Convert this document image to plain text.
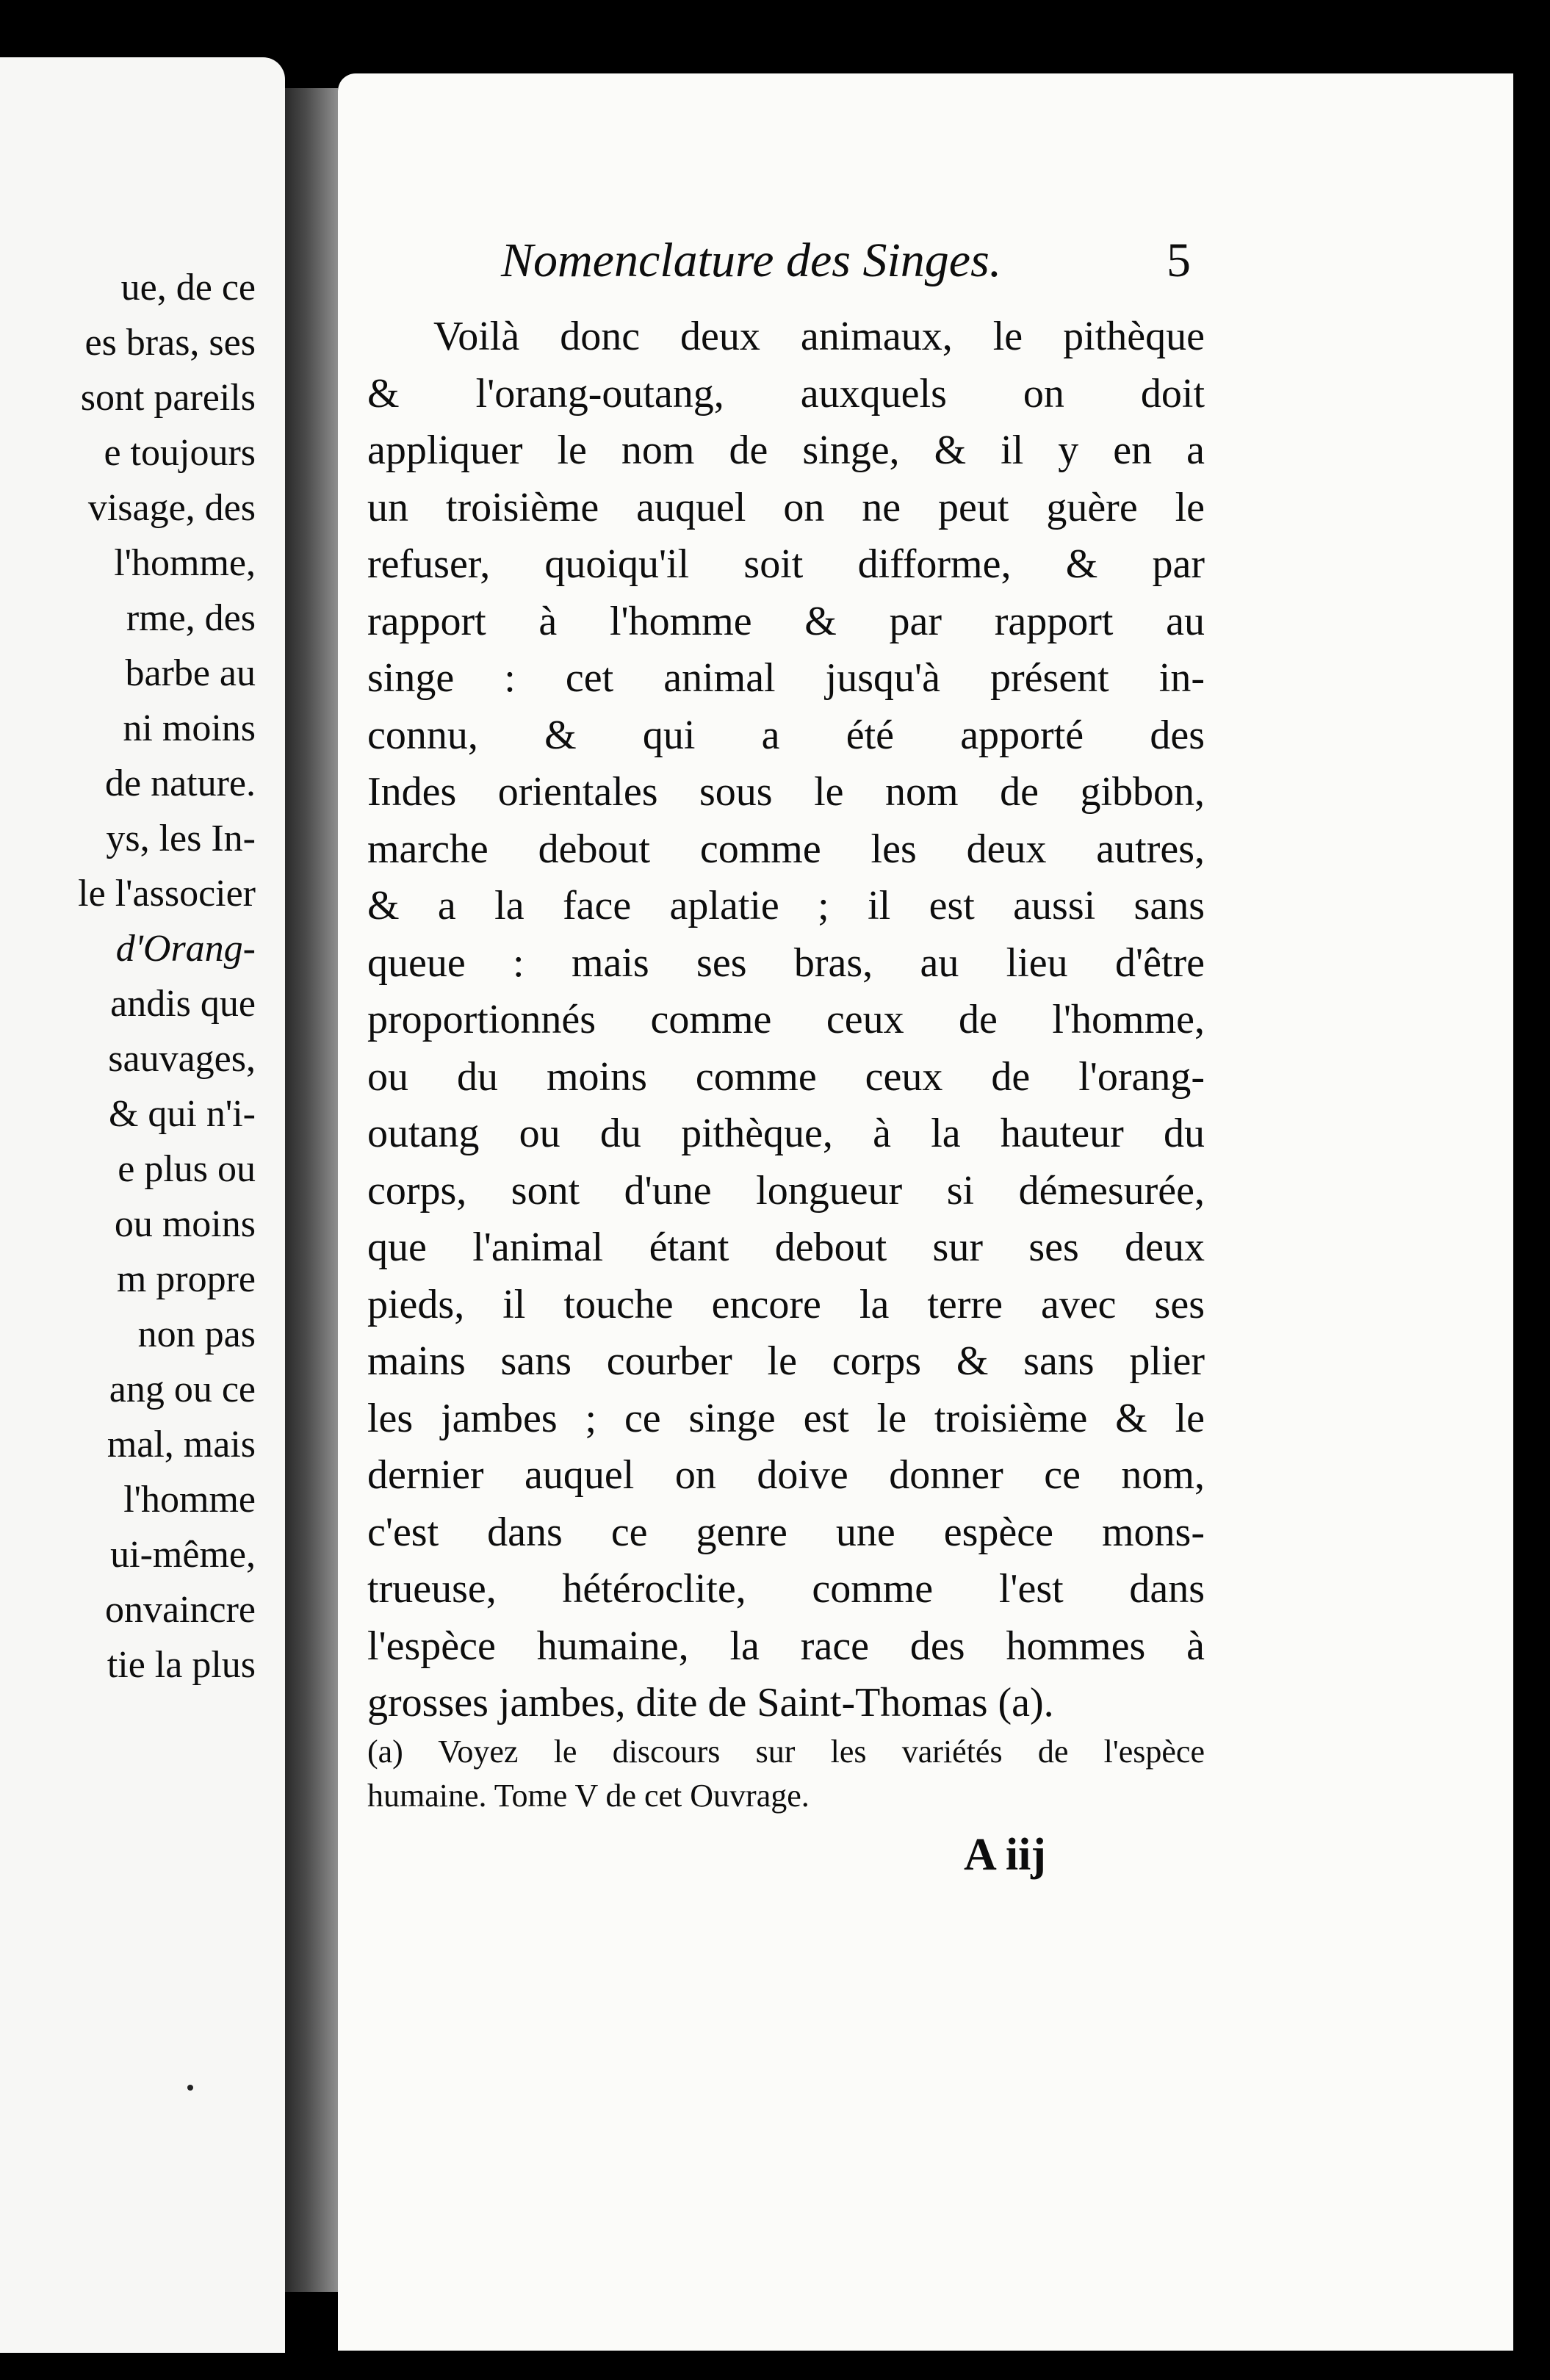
ue, de ce

es bras, ses

sont pareils

e toujours

visage, des

l'homme,

rme, des

barbe au

ni moins

de nature.

ys, les In-

le l'associer

d'Orang-

andis que

sauvages,

& qui n'i-

e plus ou

ou moins

m propre

non pas

ang ou ce

mal, mais

l'homme

ui-même,

onvaincre

tie la plus

Nomenclature des Singes.	5

Voilà donc deux animaux, le pithèque
& l'orang-outang, auxquels on doit
appliquer le nom de singe, & il y en a
un troisième auquel on ne peut guère le
refuser, quoiqu'il soit difforme, & par
rapport à l'homme & par rapport au
singe : cet animal jusqu'à présent in-
connu, & qui a été apporté des
Indes orientales sous le nom de gibbon,
marche debout comme les deux autres,
& a la face aplatie ; il est aussi sans
queue : mais ses bras, au lieu d'être
proportionnés comme ceux de l'homme,
ou du moins comme ceux de l'orang-
outang ou du pithèque, à la hauteur du
corps, sont d'une longueur si démesurée,
que l'animal étant debout sur ses deux
pieds, il touche encore la terre avec ses
mains sans courber le corps & sans plier
les jambes ; ce singe est le troisième & le
dernier auquel on doive donner ce nom,
c'est dans ce genre une espèce mons-
trueuse, hétéroclite, comme l'est dans
l'espèce humaine, la race des hommes à
grosses jambes, dite de Saint-Thomas (a).
(a) Voyez le discours sur les variétés de l'espèce
humaine. Tome V de cet Ouvrage.

A iij
